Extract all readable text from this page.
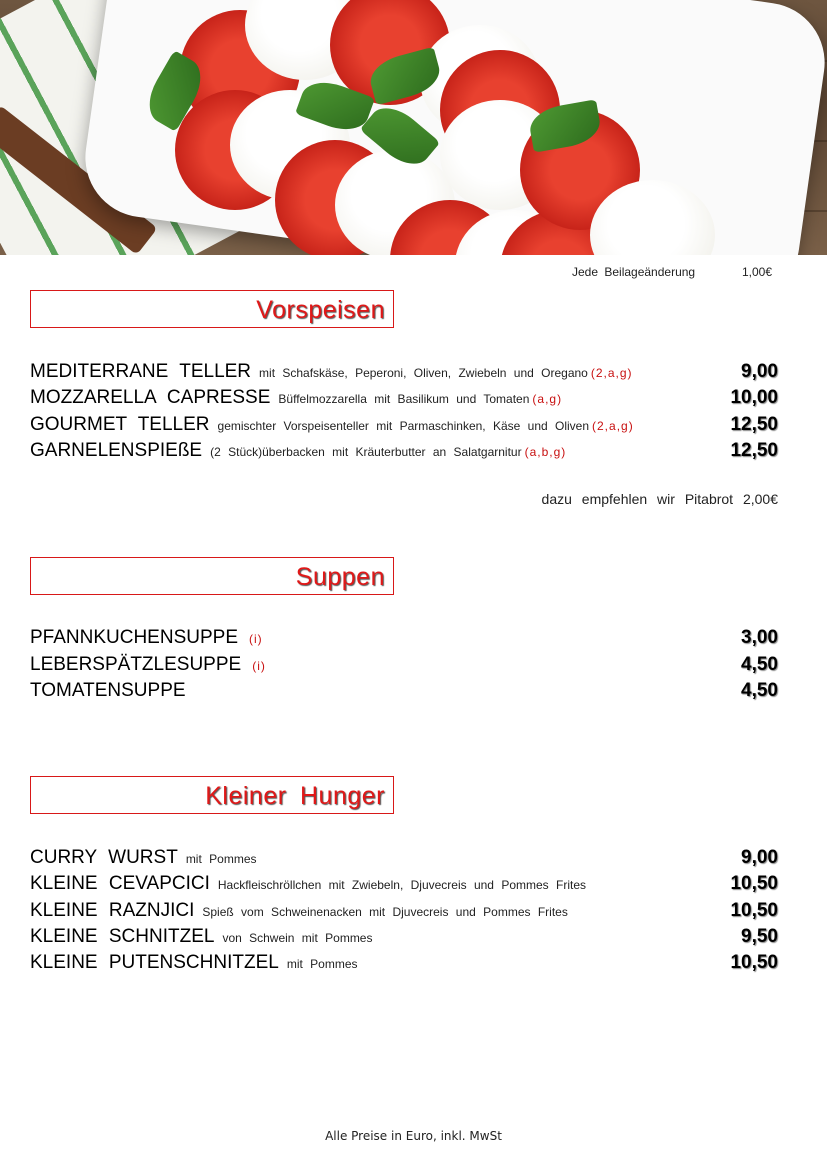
Jede Beilageänderung	1,00€
Vorspeisen
MEDITERRANE TELLER mit Schafskäse, Peperoni, Oliven, Zwiebeln und Oregano (2,a,g)	9,00
MOZZARELLA CAPRESSE Büffelmozzarella mit Basilikum und Tomaten (a,g)	10,00
GOURMET TELLER gemischter Vorspeisenteller mit Parmaschinken, Käse und Oliven (2,a,g)	12,50
GARNELENSPIEßE (2 Stück)überbacken mit Kräuterbutter an Salatgarnitur (a,b,g)	12,50
dazu empfehlen wir Pitabrot 2,00€
Suppen
PFANNKUCHENSUPPE (i)	3,00
LEBERSPÄTZLESUPPE (i)	4,50
TOMATENSUPPE	4,50
Kleiner Hunger
CURRY WURST mit Pommes	9,00
KLEINE CEVAPCICI Hackfleischröllchen mit Zwiebeln, Djuvecreis und Pommes Frites	10,50
KLEINE RAZNJICI Spieß vom Schweinenacken mit Djuvecreis und Pommes Frites	10,50
KLEINE SCHNITZEL von Schwein mit Pommes	9,50
KLEINE PUTENSCHNITZEL mit Pommes	10,50
Alle Preise in Euro, inkl. MwSt
